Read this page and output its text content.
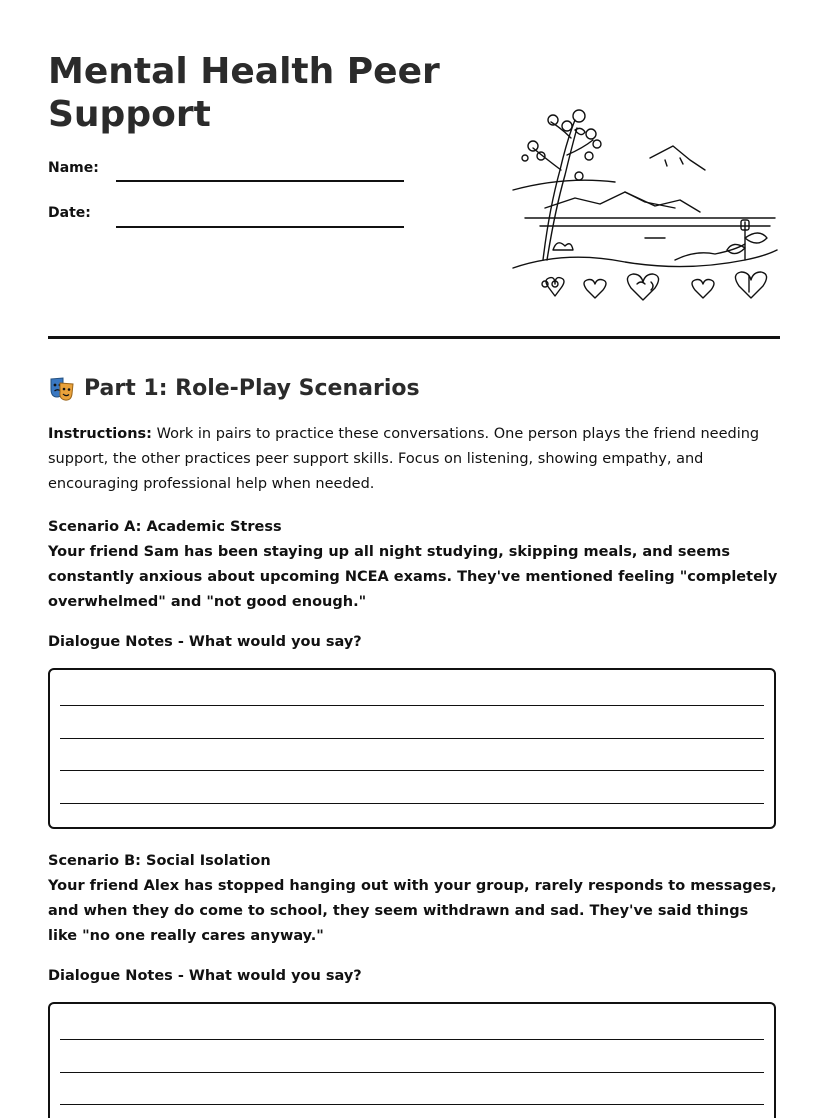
Mental Health Peer Support
Name:
Date:
Part 1: Role-Play Scenarios

Instructions: Work in pairs to practice these conversations. One person plays the friend needing support, the other practices peer support skills. Focus on listening, showing empathy, and encouraging professional help when needed.

Scenario A: Academic Stress

Your friend Sam has been staying up all night studying, skipping meals, and seems constantly anxious about upcoming NCEA exams. They've mentioned feeling "completely overwhelmed" and "not good enough."

Dialogue Notes - What would you say?

Scenario B: Social Isolation

Your friend Alex has stopped hanging out with your group, rarely responds to messages, and when they do come to school, they seem withdrawn and sad. They've said things like "no one really cares anyway."

Dialogue Notes - What would you say?
